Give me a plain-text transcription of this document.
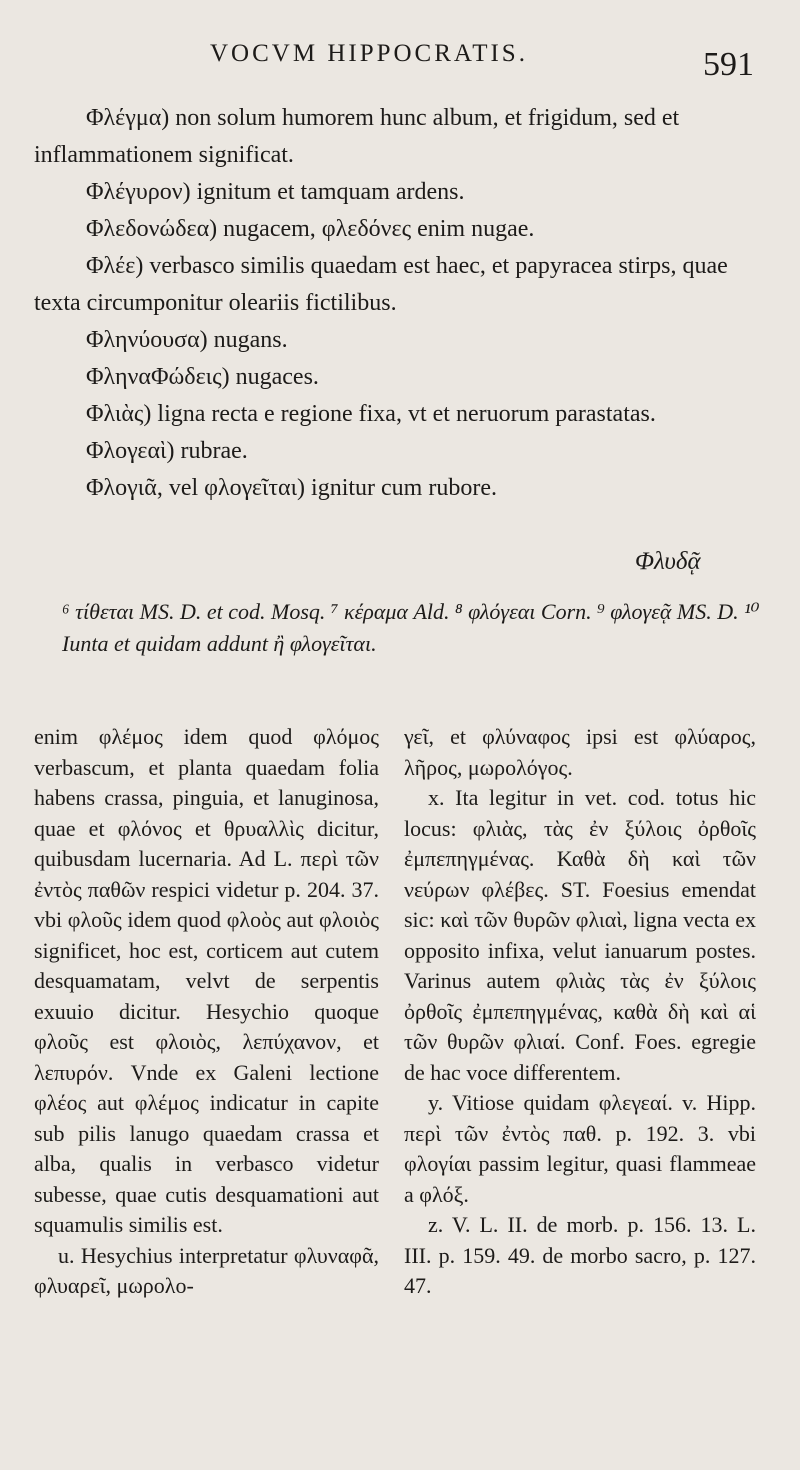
VOCVM HIPPOCRATIS.	591

Φλέγμα) non solum humorem hunc album, et frigidum, sed et inflammationem significat.

Φλέγυρον) ignitum et tamquam ardens.

Φλεδονώδεα) nugacem, φλεδόνες enim nugae.

Φλέε) verbasco similis quaedam est haec, et papyracea stirps, quae texta circumponitur oleariis fictilibus.

Φληνύουσα) nugans.

ΦληναΦώδεις) nugaces.

Φλιὰς) ligna recta e regione fixa, vt et neruorum parastatas.

Φλογεαὶ) rubrae.

Φλογιᾶ, vel φλογεῖται) ignitur cum rubore.

Φλυδᾷ
⁶ τίθεται MS. D. et cod. Mosq. ⁷ κέραμα Ald. ⁸ φλόγεαι Corn. ⁹ φλογεᾷ MS. D. ¹⁰ Iunta et quidam addunt ἢ φλογεῖται.

enim φλέμος idem quod φλόμος verbascum, et planta quaedam folia habens crassa, pinguia, et lanuginosa, quae et φλόνος et θρυαλλὶς dicitur, quibusdam lucernaria. Ad L. περὶ τῶν ἐντὸς παθῶν respici videtur p. 204. 37. vbi φλοῦς idem quod φλοὸς aut φλοιὸς significet, hoc est, corticem aut cutem desquamatam, velvt de serpentis exuuio dicitur. Hesychio quoque φλοῦς est φλοιὸς, λεπύχανον, et λεπυρόν. Vnde ex Galeni lectione φλέος aut φλέμος indicatur in capite sub pilis lanugo quaedam crassa et alba, qualis in verbasco videtur subesse, quae cutis desquamationi aut squamulis similis est.

u. Hesychius interpretatur φλυναφᾶ, φλυαρεῖ, μωρολο-

γεῖ, et φλύναφος ipsi est φλύαρος, λῆρος, μωρολόγος.

x. Ita legitur in vet. cod. totus hic locus: φλιὰς, τὰς ἐν ξύλοις ὀρθοῖς ἐμπεπηγμένας. Καθὰ δὴ καὶ τῶν νεύρων φλέβες. ST. Foesius emendat sic: καὶ τῶν θυρῶν φλιαὶ, ligna vecta ex opposito infixa, velut ianuarum postes. Varinus autem φλιὰς τὰς ἐν ξύλοις ὀρθοῖς ἐμπεπηγμένας, καθὰ δὴ καὶ αἱ τῶν θυρῶν φλιαί. Conf. Foes. egregie de hac voce differentem.

y. Vitiose quidam φλεγεαί. v. Hipp. περὶ τῶν ἐντὸς παθ. p. 192. 3. vbi φλογίαι passim legitur, quasi flammeae a φλόξ.

z. V. L. II. de morb. p. 156. 13. L. III. p. 159. 49. de morbo sacro, p. 127. 47.
